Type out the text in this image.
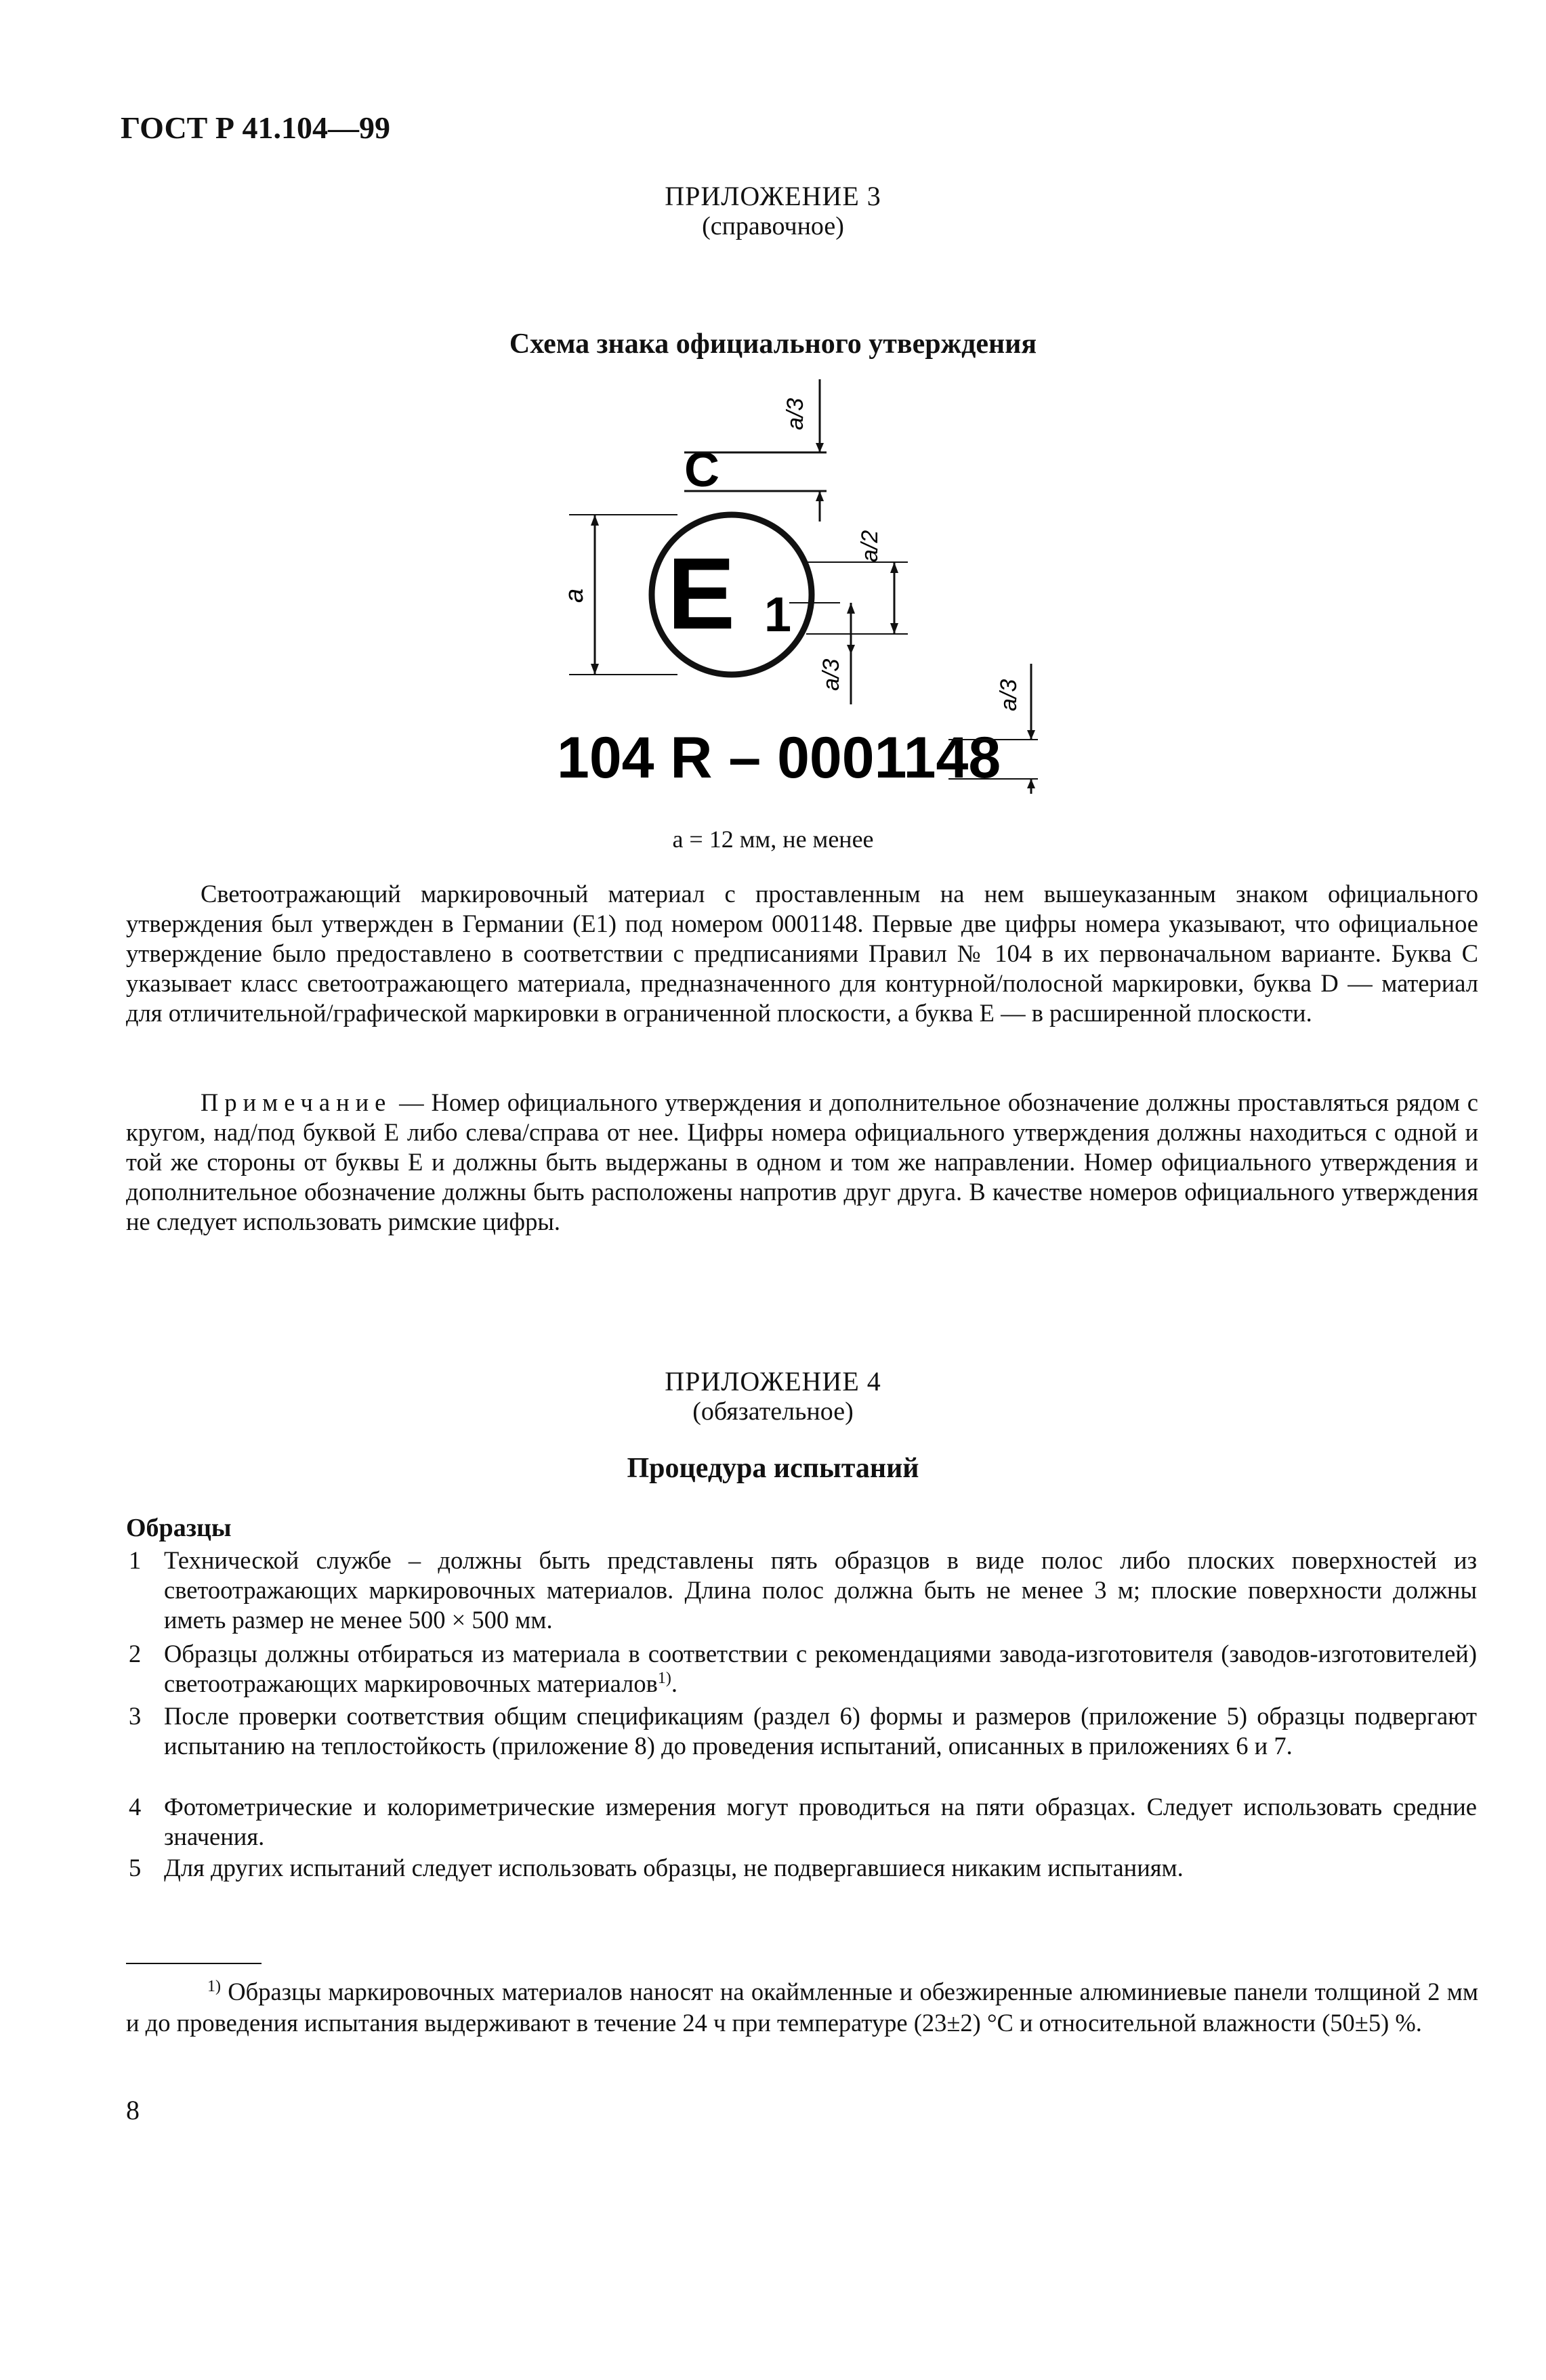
ГОСТ Р 41.104—99
ПРИЛОЖЕНИЕ 3
(справочное)
Схема знака официального утверждения
С
a/3
Е 1
a
a/2
a/3
104 R – 0001148
a/3
a = 12 мм, не менее

Светоотражающий маркировочный материал с проставленным на нем вышеуказанным знаком официального утверждения был утвержден в Германии (Е1) под номером 0001148. Первые две цифры номера указывают, что официальное утверждение было предоставлено в соответствии с предписаниями Правил № 104 в их первоначальном варианте. Буква С указывает класс светоотражающего материала, предназначенного для контурной/полосной маркировки, буква D — материал для отличительной/графической маркировки в ограниченной плоскости, а буква Е — в расширенной плоскости.

Примечание — Номер официального утверждения и дополнительное обозначение должны проставляться рядом с кругом, над/под буквой Е либо слева/справа от нее. Цифры номера официального утверждения должны находиться с одной и той же стороны от буквы Е и должны быть выдержаны в одном и том же направлении. Номер официального утверждения и дополнительное обозначение должны быть расположены напротив друг друга. В качестве номеров официального утверждения не следует использовать римские цифры.

ПРИЛОЖЕНИЕ 4
(обязательное)
Процедура испытаний
Образцы
1 Технической службе – должны быть представлены пять образцов в виде полос либо плоских поверхностей из светоотражающих маркировочных материалов. Длина полос должна быть не менее 3 м; плоские поверхности должны иметь размер не менее 500 × 500 мм.
2 Образцы должны отбираться из материала в соответствии с рекомендациями завода-изготовителя (заводов-изготовителей) светоотражающих маркировочных материалов$^{1)}$.
3 После проверки соответствия общим спецификациям (раздел 6) формы и размеров (приложение 5) образцы подвергают испытанию на теплостойкость (приложение 8) до проведения испытаний, описанных в приложениях 6 и 7.
4 Фотометрические и колориметрические измерения могут проводиться на пяти образцах. Следует использовать средние значения.
5 Для других испытаний следует использовать образцы, не подвергавшиеся никаким испытаниям.
$^{1)}$ Образцы маркировочных материалов наносят на окаймленные и обезжиренные алюминиевые панели толщиной 2 мм и до проведения испытания выдерживают в течение 24 ч при температуре (23±2) °С и относительной влажности (50±5) %.
8
